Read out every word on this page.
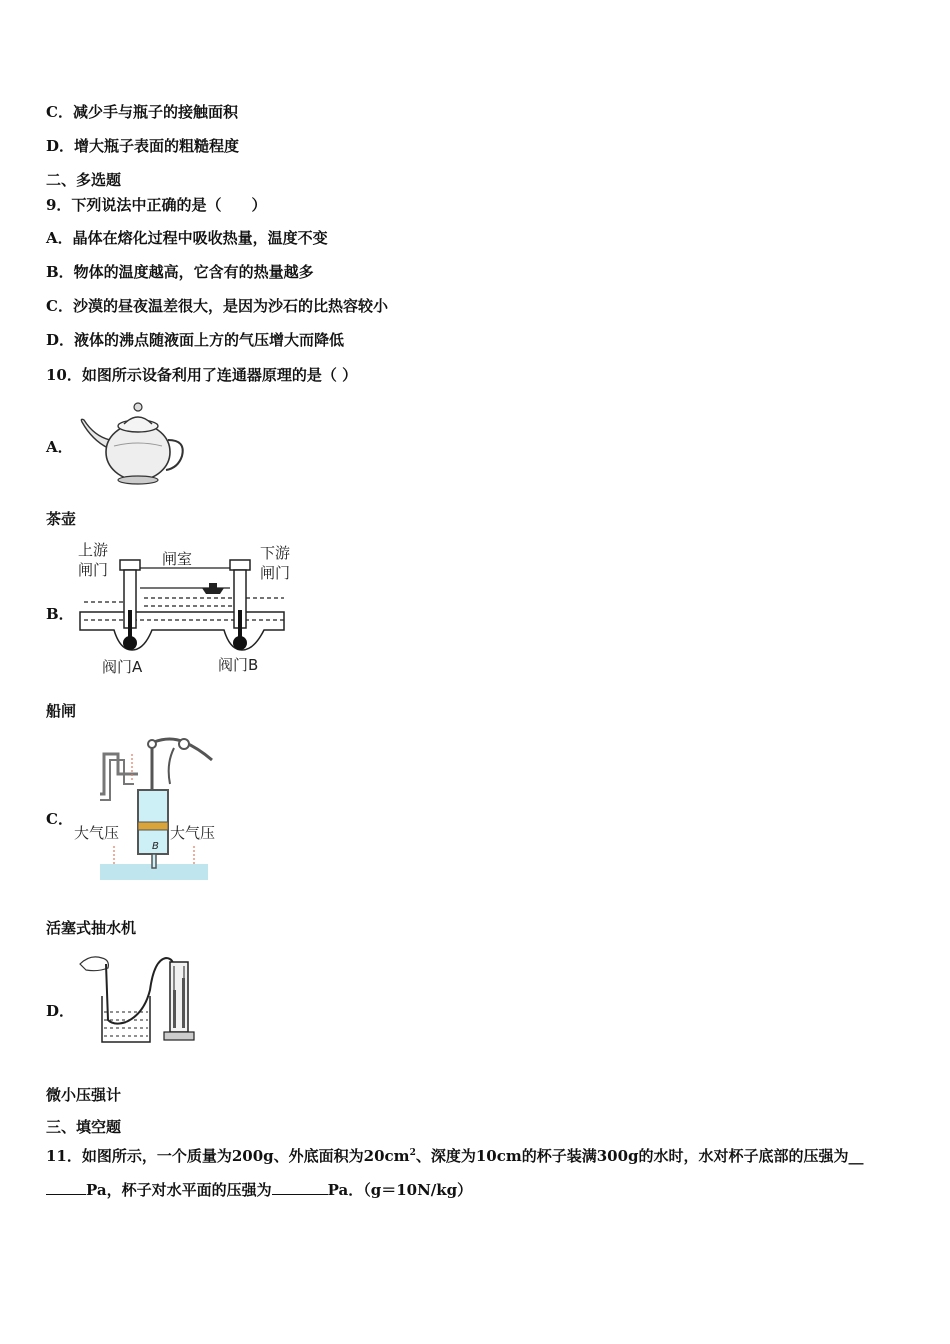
C．减少手与瓶子的接触面积
D．增大瓶子表面的粗糙程度
二、多选题
9．下列说法中正确的是（　　）
A．晶体在熔化过程中吸收热量，温度不变
B．物体的温度越高，它含有的热量越多
C．沙漠的昼夜温差很大，是因为沙石的比热容较小
D．液体的沸点随液面上方的气压增大而降低
10．如图所示设备利用了连通器原理的是（ ）
A．
茶壶
B．
上游
闸门
闸室	下游
闸门
阀门A	阀门B
船闸
C．
大气压	大气压
B
活塞式抽水机
D．
微小压强计
三、填空题
11．如图所示，一个质量为200g、外底面积为$20cm^2$、深度为10cm的杯子装满300g的水时，水对杯子底部的压强为__
Pa，杯子对水平面的压强为	Pa．（g＝10N/kg）
